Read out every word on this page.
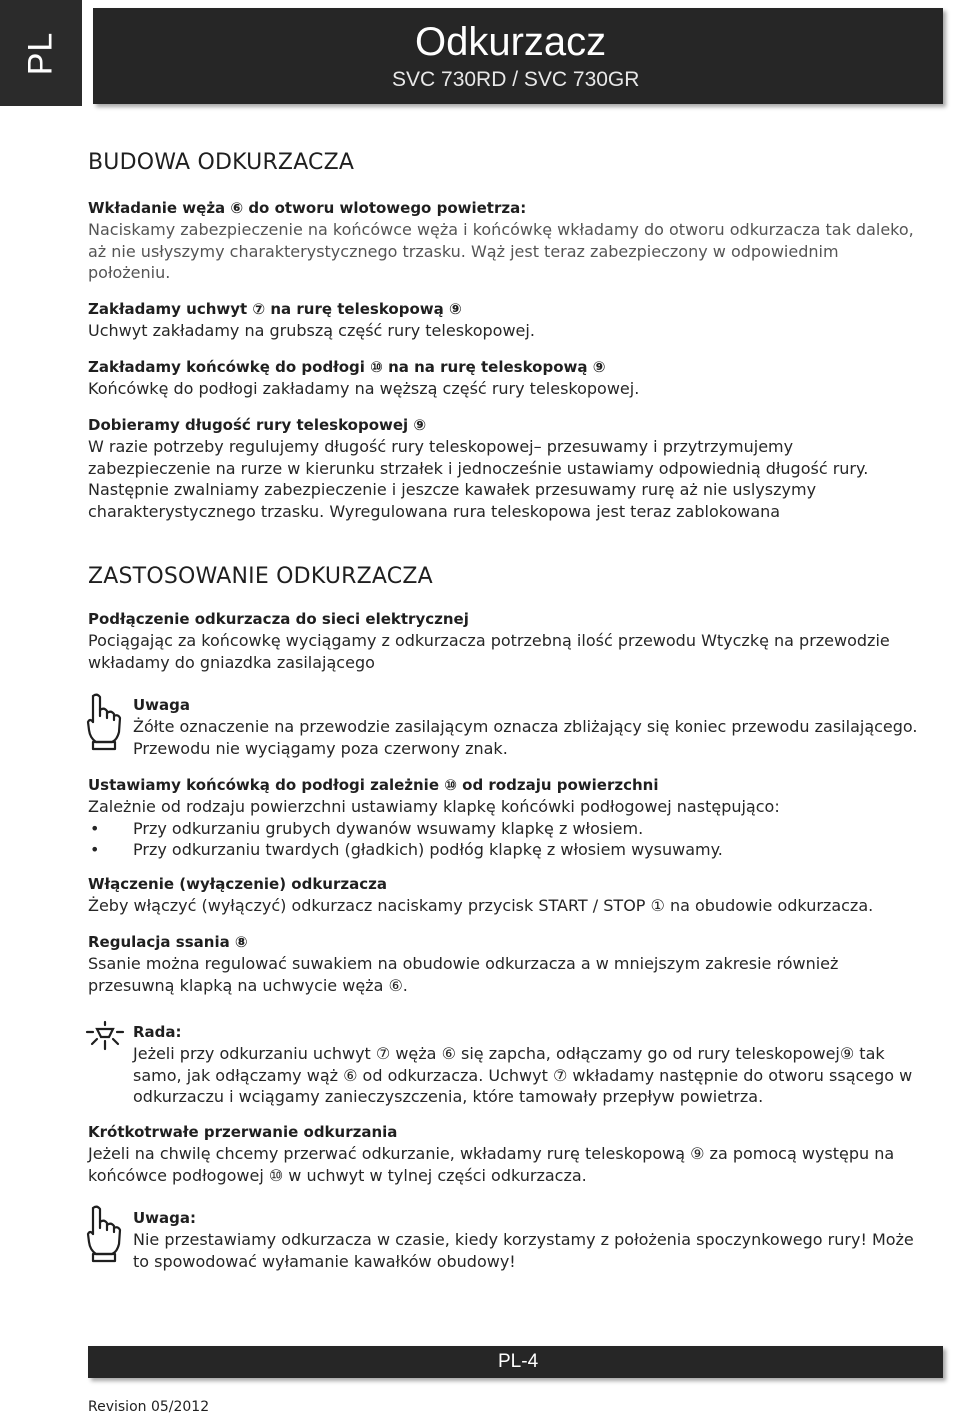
PL	Odkurzacz
SVC 730RD / SVC 730GR
BUDOWA ODKURZACZA
Wkładanie węża ⑥ do otworu wlotowego powietrza:
Naciskamy zabezpieczenie na końcówce węża i końcówkę wkładamy do otworu odkurzacza tak daleko, aż nie usłyszymy charakterystycznego trzasku. Wąż jest teraz zabezpieczony w odpowiednim położeniu.
Zakładamy uchwyt ⑦ na rurę teleskopową ⑨
Uchwyt zakładamy na grubszą część rury teleskopowej.
Zakładamy końcówkę do podłogi ⑩ na na rurę teleskopową ⑨
Końcówkę do podłogi zakładamy na węższą część rury teleskopowej.
Dobieramy długość rury teleskopowej ⑨
W razie potrzeby regulujemy długość rury teleskopowej– przesuwamy i przytrzymujemy zabezpieczenie na rurze w kierunku strzałek i jednocześnie ustawiamy odpowiednią długość rury. Następnie zwalniamy zabezpieczenie i jeszcze kawałek przesuwamy rurę aż nie uslyszymy charakterystycznego trzasku. Wyregulowana rura teleskopowa jest teraz zablokowana
ZASTOSOWANIE ODKURZACZA
Podłączenie odkurzacza do sieci elektrycznej
Pociągając za końcowkę wyciągamy z odkurzacza potrzebną ilość przewodu Wtyczkę na przewodzie wkładamy do gniazdka zasilającego
Uwaga
Żółte oznaczenie na przewodzie zasilającym oznacza zbliżający się koniec przewodu zasilającego. Przewodu nie wyciągamy poza czerwony znak.
Ustawiamy końcówką do podłogi zależnie ⑩ od rodzaju powierzchni
Zależnie od rodzaju powierzchni ustawiamy klapkę końcówki podłogowej następująco:
• Przy odkurzaniu grubych dywanów wsuwamy klapkę z włosiem.
• Przy odkurzaniu twardych (gładkich) podłóg klapkę z włosiem wysuwamy.
Włączenie (wyłączenie) odkurzacza
Żeby włączyć (wyłączyć) odkurzacz naciskamy przycisk START / STOP ① na obudowie odkurzacza.
Regulacja ssania ⑧
Ssanie można regulować suwakiem na obudowie odkurzacza a w mniejszym zakresie również przesuwną klapką na uchwycie węża ⑥.
Rada:
Jeżeli przy odkurzaniu uchwyt ⑦ węża ⑥ się zapcha, odłączamy go od rury teleskopowej⑨ tak samo, jak odłączamy wąż ⑥ od odkurzacza. Uchwyt ⑦ wkładamy następnie do otworu ssącego w odkurzaczu i wciągamy zanieczyszczenia, które tamowały przepływ powietrza.
Krótkotrwałe przerwanie odkurzania
Jeżeli na chwilę chcemy przerwać odkurzanie, wkładamy rurę teleskopową ⑨ za pomocą występu na końcówce podłogowej ⑩ w uchwyt w tylnej części odkurzacza.
Uwaga:
Nie przestawiamy odkurzacza w czasie, kiedy korzystamy z położenia spoczynkowego rury! Może to spowodować wyłamanie kawałków obudowy!
PL-4
Revision 05/2012
